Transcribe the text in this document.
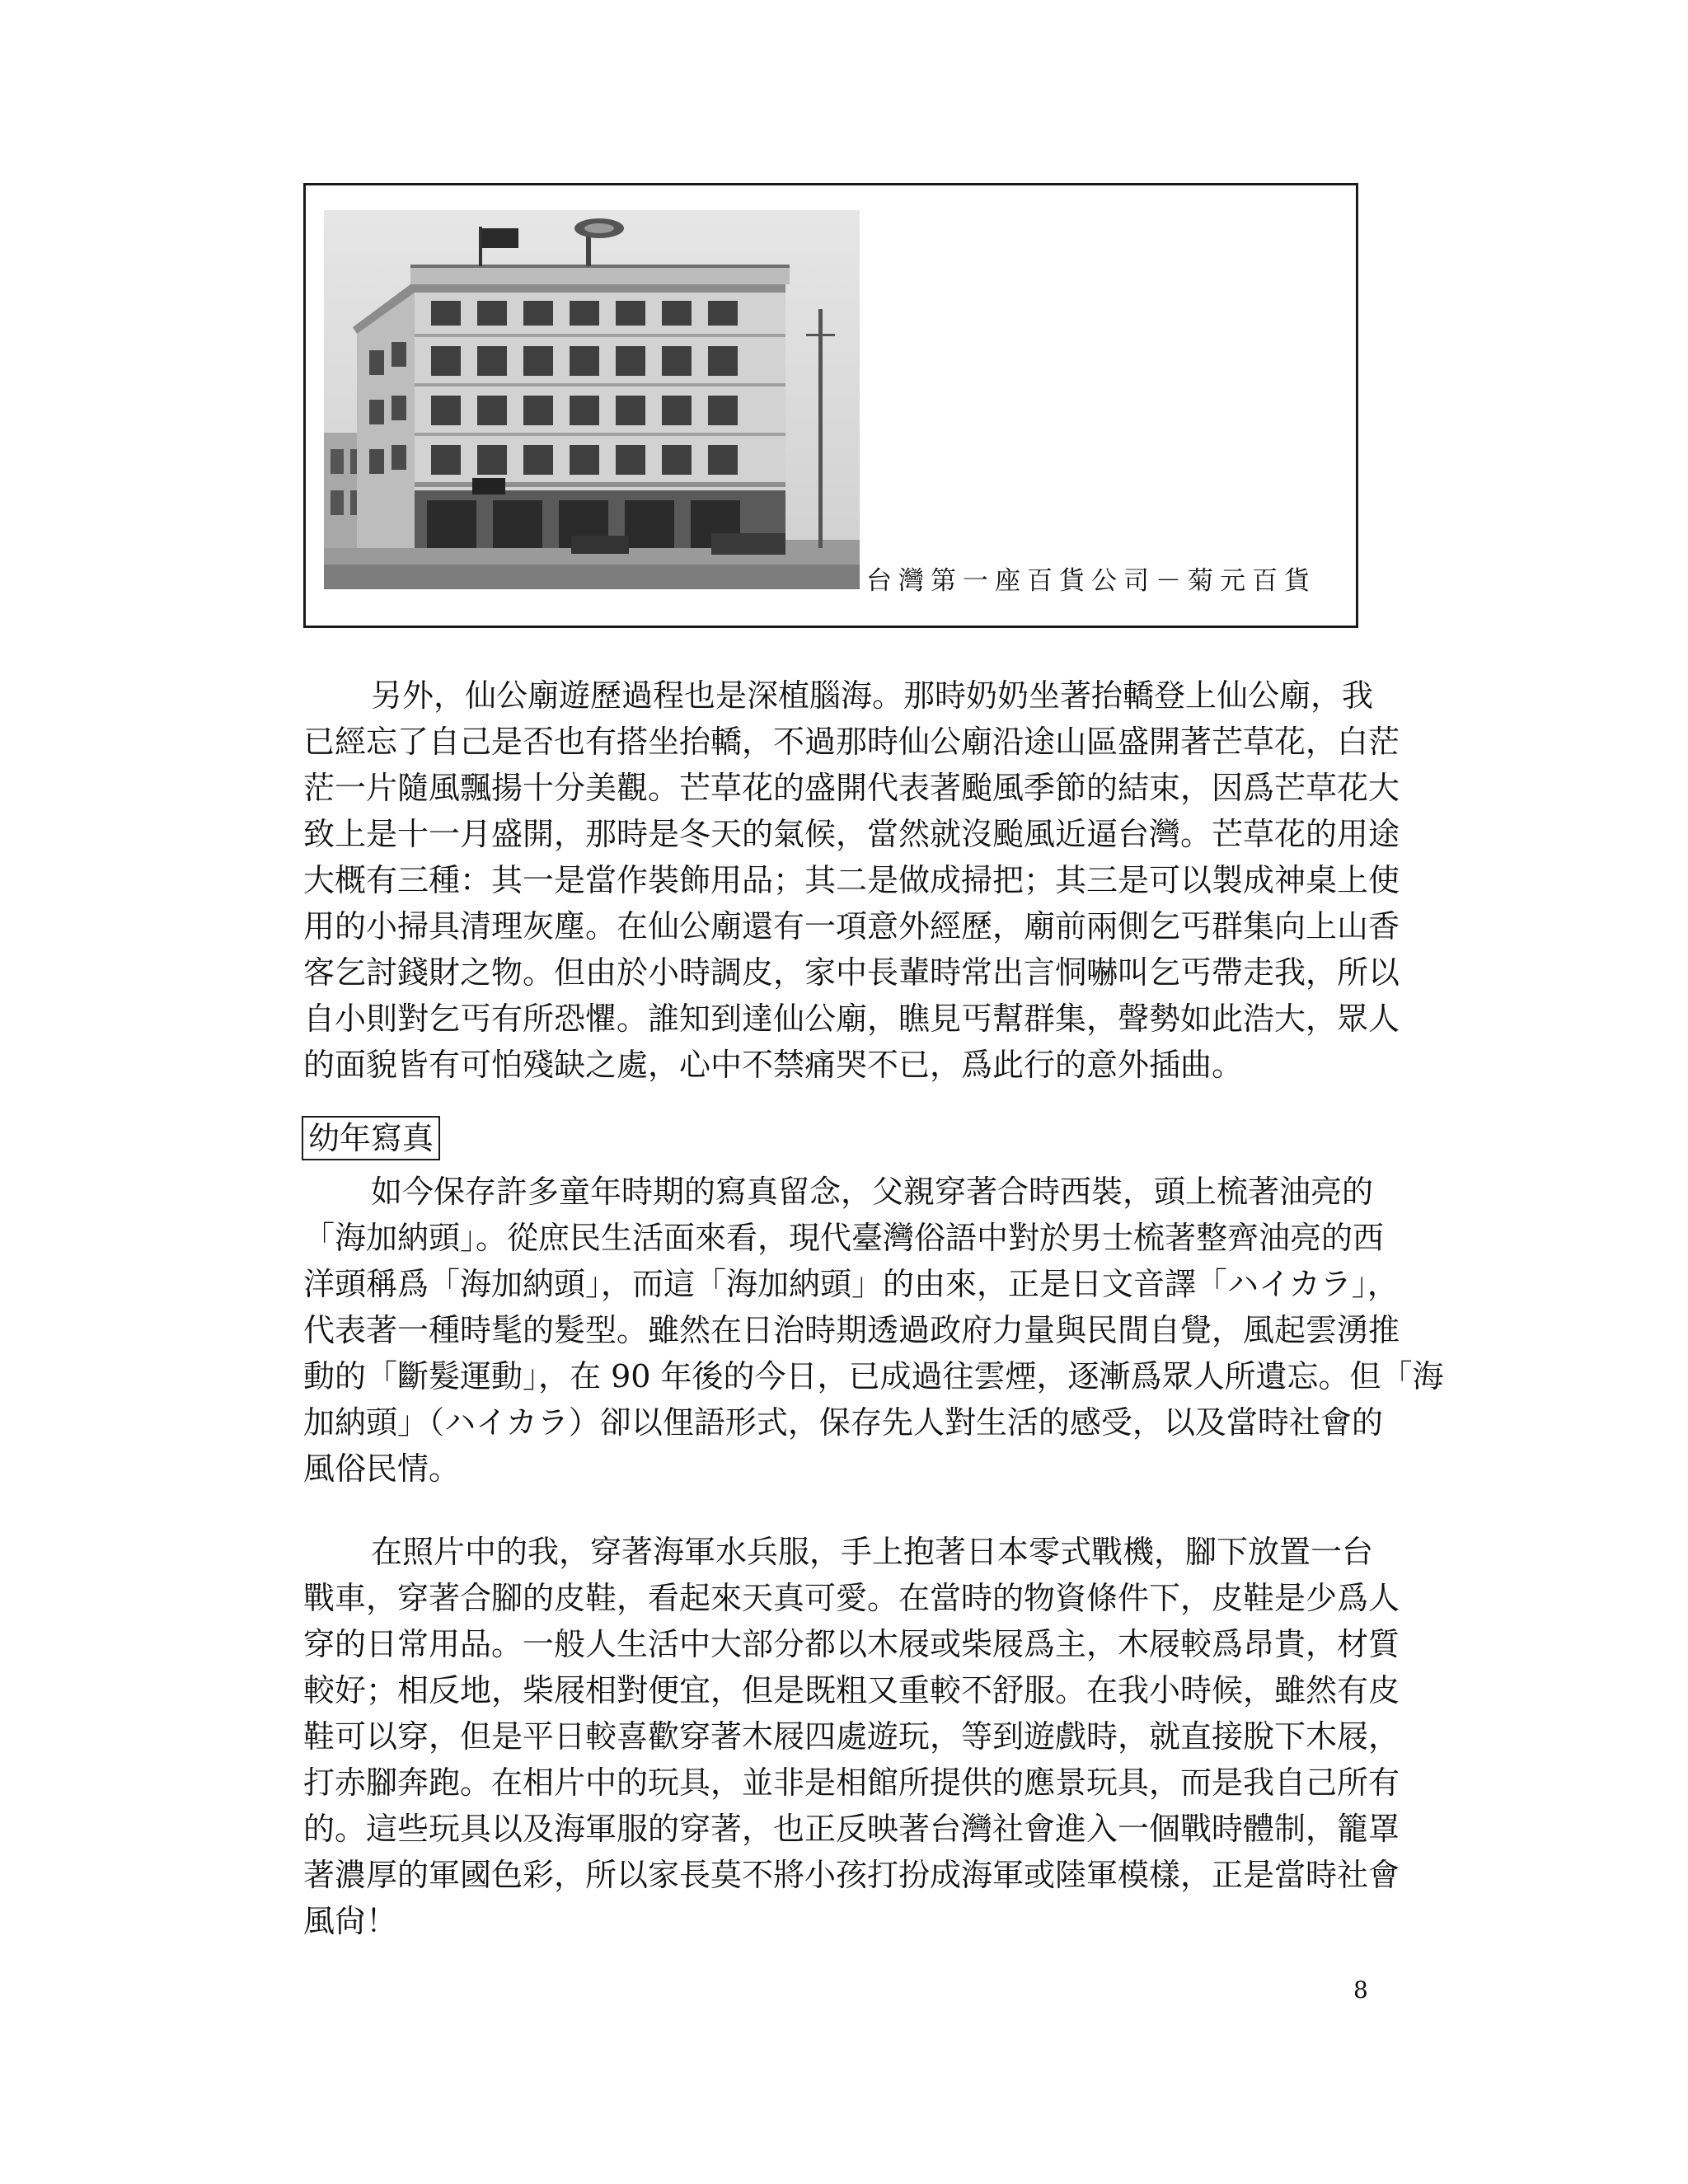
台灣第一座百貨公司－菊元百貨
另外，仙公廟遊歷過程也是深植腦海。那時奶奶坐著抬轎登上仙公廟，我
已經忘了自己是否也有搭坐抬轎，不過那時仙公廟沿途山區盛開著芒草花，白茫
茫一片隨風飄揚十分美觀。芒草花的盛開代表著颱風季節的結束，因爲芒草花大
致上是十一月盛開，那時是冬天的氣候，當然就沒颱風近逼台灣。芒草花的用途
大概有三種：其一是當作裝飾用品；其二是做成掃把；其三是可以製成神桌上使
用的小掃具清理灰塵。在仙公廟還有一項意外經歷，廟前兩側乞丐群集向上山香
客乞討錢財之物。但由於小時調皮，家中長輩時常出言恫嚇叫乞丐帶走我，所以
自小則對乞丐有所恐懼。誰知到達仙公廟，瞧見丐幫群集，聲勢如此浩大，眾人
的面貌皆有可怕殘缺之處，心中不禁痛哭不已，爲此行的意外插曲。
幼年寫真
如今保存許多童年時期的寫真留念，父親穿著合時西裝，頭上梳著油亮的
「海加納頭」。從庶民生活面來看，現代臺灣俗語中對於男士梳著整齊油亮的西
洋頭稱爲「海加納頭」，而這「海加納頭」的由來，正是日文音譯「ハイカラ」，
代表著一種時髦的髮型。雖然在日治時期透過政府力量與民間自覺，風起雲湧推
動的「斷髮運動」，在 90 年後的今日，已成過往雲煙，逐漸爲眾人所遺忘。但「海
加納頭」（ハイカラ）卻以俚語形式，保存先人對生活的感受，以及當時社會的
風俗民情。
在照片中的我，穿著海軍水兵服，手上抱著日本零式戰機，腳下放置一台
戰車，穿著合腳的皮鞋，看起來天真可愛。在當時的物資條件下，皮鞋是少爲人
穿的日常用品。一般人生活中大部分都以木屐或柴屐爲主，木屐較爲昂貴，材質
較好；相反地，柴屐相對便宜，但是既粗又重較不舒服。在我小時候，雖然有皮
鞋可以穿，但是平日較喜歡穿著木屐四處遊玩，等到遊戲時，就直接脫下木屐，
打赤腳奔跑。在相片中的玩具，並非是相館所提供的應景玩具，而是我自己所有
的。這些玩具以及海軍服的穿著，也正反映著台灣社會進入一個戰時體制，籠罩
著濃厚的軍國色彩，所以家長莫不將小孩打扮成海軍或陸軍模樣，正是當時社會
風尙！
8
